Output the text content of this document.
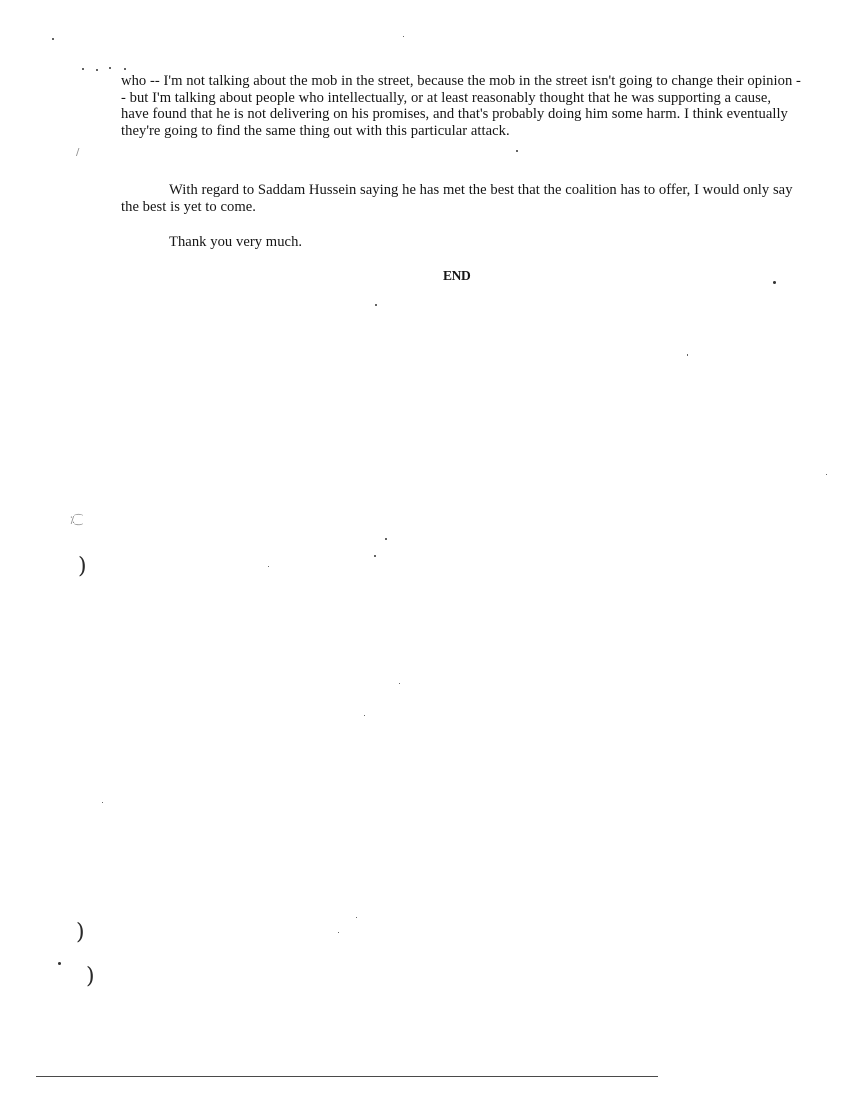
who -- I'm not talking about the mob in the street, because the mob in the street isn't going to change their opinion -- but I'm talking about people who intellectually, or at least reasonably thought that he was supporting a cause, have found that he is not delivering on his promises, and that's probably doing him some harm. I think eventually they're going to find the same thing out with this particular attack.
With regard to Saddam Hussein saying he has met the best that the coalition has to offer, I would only say the best is yet to come.
Thank you very much.
END
/
⁒⁐
)
)
)
